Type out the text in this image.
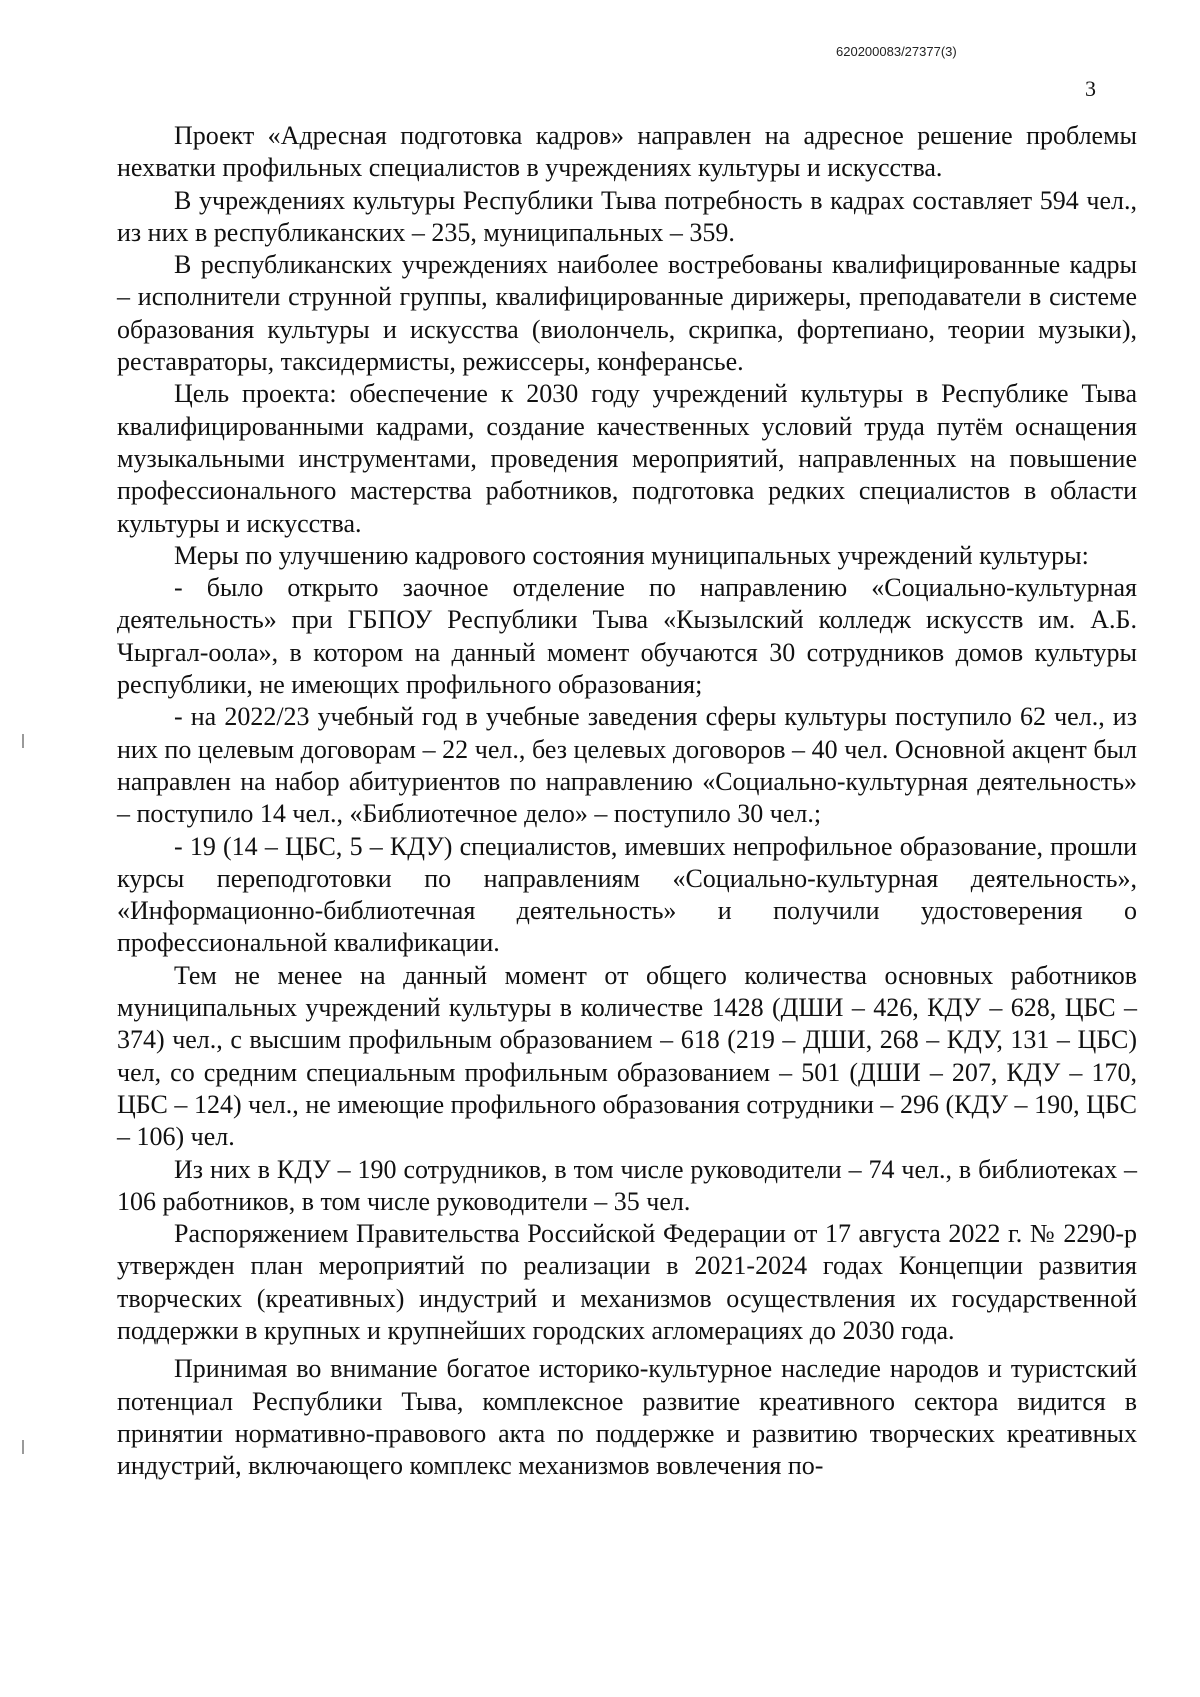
620200083/27377(3)
3

Проект «Адресная подготовка кадров» направлен на адресное решение проблемы нехватки профильных специалистов в учреждениях культуры и искусства.

В учреждениях культуры Республики Тыва потребность в кадрах составляет 594 чел., из них в республиканских – 235, муниципальных – 359.

В республиканских учреждениях наиболее востребованы квалифицированные кадры – исполнители струнной группы, квалифицированные дирижеры, преподаватели в системе образования культуры и искусства (виолончель, скрипка, фортепиано, теории музыки), реставраторы, таксидермисты, режиссеры, конферансье.

Цель проекта: обеспечение к 2030 году учреждений культуры в Республике Тыва квалифицированными кадрами, создание качественных условий труда путём оснащения музыкальными инструментами, проведения мероприятий, направленных на повышение профессионального мастерства работников, подготовка редких специалистов в области культуры и искусства.

Меры по улучшению кадрового состояния муниципальных учреждений культуры:

- было открыто заочное отделение по направлению «Социально-культурная деятельность» при ГБПОУ Республики Тыва «Кызылский колледж искусств им. А.Б. Чыргал-оола», в котором на данный момент обучаются 30 сотрудников домов культуры республики, не имеющих профильного образования;

- на 2022/23 учебный год в учебные заведения сферы культуры поступило 62 чел., из них по целевым договорам – 22 чел., без целевых договоров – 40 чел. Основной акцент был направлен на набор абитуриентов по направлению «Социально-культурная деятельность» – поступило 14 чел., «Библиотечное дело» – поступило 30 чел.;

- 19 (14 – ЦБС, 5 – КДУ) специалистов, имевших непрофильное образование, прошли курсы переподготовки по направлениям «Социально-культурная деятельность», «Информационно-библиотечная деятельность» и получили удостоверения о профессиональной квалификации.

Тем не менее на данный момент от общего количества основных работников муниципальных учреждений культуры в количестве 1428 (ДШИ – 426, КДУ – 628, ЦБС – 374) чел., с высшим профильным образованием – 618 (219 – ДШИ, 268 – КДУ, 131 – ЦБС) чел, со средним специальным профильным образованием – 501 (ДШИ – 207, КДУ – 170, ЦБС – 124) чел., не имеющие профильного образования сотрудники – 296 (КДУ – 190, ЦБС – 106) чел.

Из них в КДУ – 190 сотрудников, в том числе руководители – 74 чел., в библиотеках – 106 работников, в том числе руководители – 35 чел.

Распоряжением Правительства Российской Федерации от 17 августа 2022 г. № 2290-р утвержден план мероприятий по реализации в 2021-2024 годах Концепции развития творческих (креативных) индустрий и механизмов осуществления их государственной поддержки в крупных и крупнейших городских агломерациях до 2030 года.

Принимая во внимание богатое историко-культурное наследие народов и туристский потенциал Республики Тыва, комплексное развитие креативного сектора видится в принятии нормативно-правового акта по поддержке и развитию творческих креативных индустрий, включающего комплекс механизмов вовлечения по-
